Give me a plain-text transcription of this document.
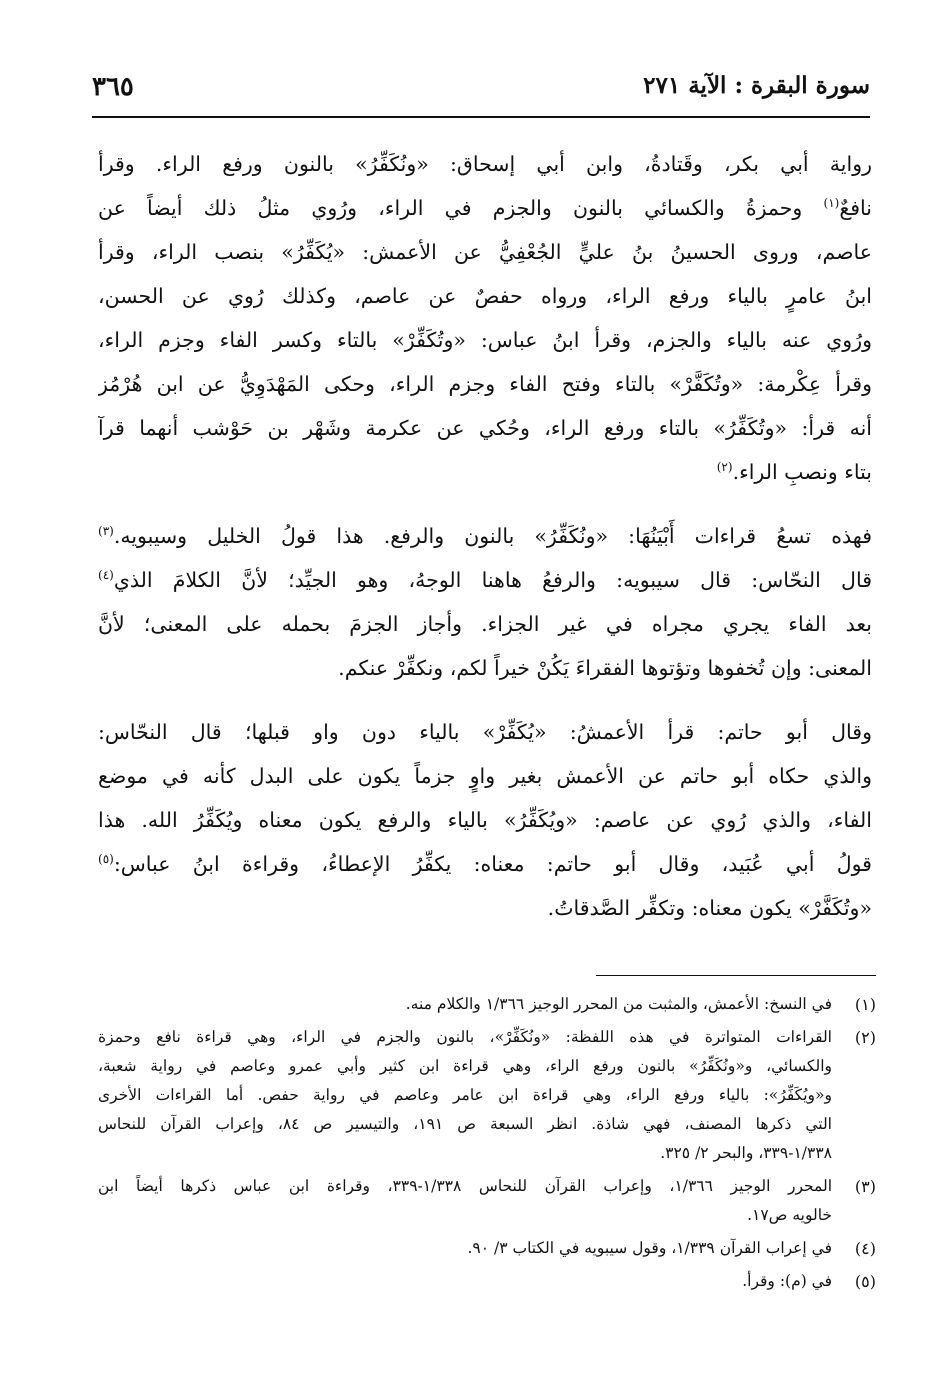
سورة البقرة : الآية ٢٧١
٣٦٥
رواية أبي بكر، وقَتادةُ، وابن أبي إسحاق: «ونُكَفِّرُ» بالنون ورفع الراء. وقرأ
نافعٌ$^{(١)}$ وحمزةُ والكسائي بالنون والجزم في الراء، ورُوي مثلُ ذلك أيضاً عن
عاصم، وروى الحسينُ بنُ عليٍّ الجُعْفِيُّ عن الأعمش: «يُكَفِّرُ» بنصب الراء، وقرأ
ابنُ عامرٍ بالياء ورفع الراء، ورواه حفصٌ عن عاصم، وكذلك رُوي عن الحسن،
ورُوي عنه بالياء والجزم، وقرأ ابنُ عباس: «وتُكَفِّرْ» بالتاء وكسر الفاء وجزم الراء،
وقرأ عِكْرمة: «وتُكَفَّرْ» بالتاء وفتح الفاء وجزم الراء، وحكى المَهْدَوِيُّ عن ابن هُرْمُز
أنه قرأ: «وتُكَفِّرُ» بالتاء ورفع الراء، وحُكي عن عكرمة وشَهْر بن حَوْشب أنهما قرآ
بتاء ونصبِ الراء.$^{(٢)}$
فهذه تسعُ قراءات أَبْيَنُهَا: «ونُكَفِّرُ» بالنون والرفع. هذا قولُ الخليل وسيبويه.$^{(٣)}$
قال النحّاس: قال سيبويه: والرفعُ هاهنا الوجهُ، وهو الجيِّد؛ لأنَّ الكلامَ الذي$^{(٤)}$
بعد الفاء يجري مجراه في غير الجزاء. وأجاز الجزمَ بحمله على المعنى؛ لأنَّ
المعنى: وإن تُخفوها وتؤتوها الفقراءَ يَكُنْ خيراً لكم، ونكفِّرْ عنكم.
وقال أبو حاتم: قرأ الأعمشُ: «يُكَفِّرْ» بالياء دون واو قبلها؛ قال النحّاس:
والذي حكاه أبو حاتم عن الأعمش بغير واوٍ جزماً يكون على البدل كأنه في موضع
الفاء، والذي رُوي عن عاصم: «ويُكَفِّرُ» بالياء والرفع يكون معناه ويُكَفِّرُ الله. هذا
قولُ أبي عُبَيد، وقال أبو حاتم: معناه: يكفِّرُ الإعطاءُ، وقراءة ابنُ عباس:$^{(٥)}$
«وتُكَفَّرْ» يكون معناه: وتكفِّر الصَّدقاتُ.
(١)
في النسخ: الأعمش، والمثبت من المحرر الوجيز ١/٣٦٦ والكلام منه.
(٢)
القراءات المتواترة في هذه اللفظة: «ونُكَفِّرْ»، بالنون والجزم في الراء، وهي قراءة نافع وحمزة
والكسائي، و«ونُكَفِّرُ» بالنون ورفع الراء، وهي قراءة ابن كثير وأبي عمرو وعاصم في رواية شعبة،
و«ويُكَفِّرُ»: بالياء ورفع الراء، وهي قراءة ابن عامر وعاصم في رواية حفص. أما القراءات الأخرى
التي ذكرها المصنف، فهي شاذة. انظر السبعة ص ١٩١، والتيسير ص ٨٤، وإعراب القرآن للنحاس
١/٣٣٨-٣٣٩، والبحر ٢/ ٣٢٥.
(٣)
المحرر الوجيز ١/٣٦٦، وإعراب القرآن للنحاس ١/٣٣٨-٣٣٩، وقراءة ابن عباس ذكرها أيضاً ابن
خالويه ص١٧.
(٤)
في إعراب القرآن ١/٣٣٩، وقول سيبويه في الكتاب ٣/ ٩٠.
(٥)
في (م): وقرأ.
